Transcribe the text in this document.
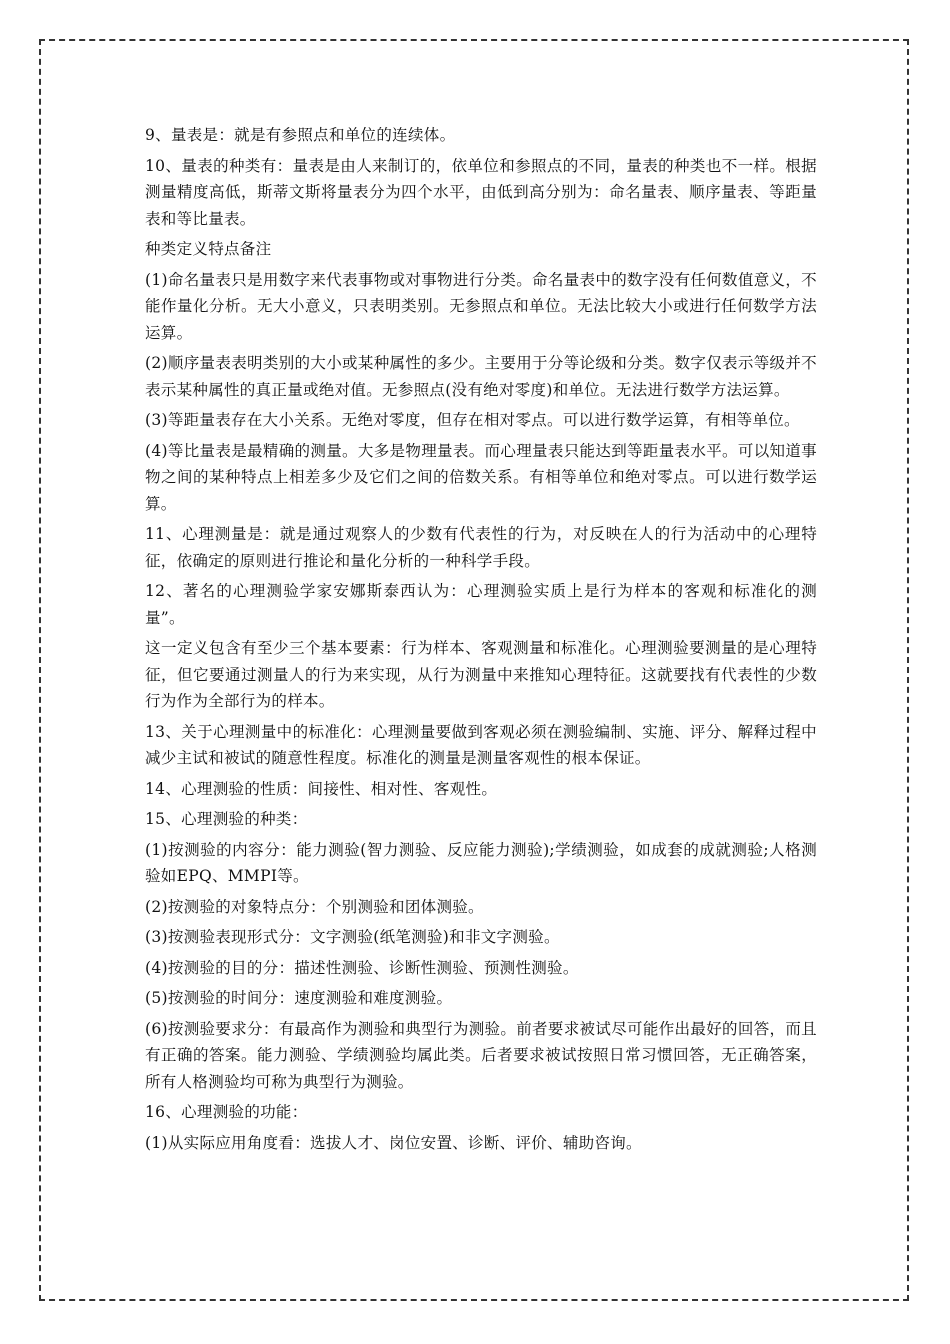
9、量表是：就是有参照点和单位的连续体。

10、量表的种类有：量表是由人来制订的，依单位和参照点的不同，量表的种类也不一样。根据测量精度高低，斯蒂文斯将量表分为四个水平，由低到高分别为：命名量表、顺序量表、等距量表和等比量表。

种类定义特点备注

(1)命名量表只是用数字来代表事物或对事物进行分类。命名量表中的数字没有任何数值意义，不能作量化分析。无大小意义，只表明类别。无参照点和单位。无法比较大小或进行任何数学方法运算。

(2)顺序量表表明类别的大小或某种属性的多少。主要用于分等论级和分类。数字仅表示等级并不表示某种属性的真正量或绝对值。无参照点(没有绝对零度)和单位。无法进行数学方法运算。

(3)等距量表存在大小关系。无绝对零度，但存在相对零点。可以进行数学运算，有相等单位。

(4)等比量表是最精确的测量。大多是物理量表。而心理量表只能达到等距量表水平。可以知道事物之间的某种特点上相差多少及它们之间的倍数关系。有相等单位和绝对零点。可以进行数学运算。

11、心理测量是：就是通过观察人的少数有代表性的行为，对反映在人的行为活动中的心理特征，依确定的原则进行推论和量化分析的一种科学手段。

12、著名的心理测验学家安娜斯泰西认为：心理测验实质上是行为样本的客观和标准化的测量”。

这一定义包含有至少三个基本要素：行为样本、客观测量和标准化。心理测验要测量的是心理特征，但它要通过测量人的行为来实现，从行为测量中来推知心理特征。这就要找有代表性的少数行为作为全部行为的样本。

13、关于心理测量中的标准化：心理测量要做到客观必须在测验编制、实施、评分、解释过程中减少主试和被试的随意性程度。标准化的测量是测量客观性的根本保证。

14、心理测验的性质：间接性、相对性、客观性。

15、心理测验的种类：

(1)按测验的内容分：能力测验(智力测验、反应能力测验);学绩测验，如成套的成就测验;人格测验如EPQ、MMPI等。

(2)按测验的对象特点分：个别测验和团体测验。

(3)按测验表现形式分：文字测验(纸笔测验)和非文字测验。

(4)按测验的目的分：描述性测验、诊断性测验、预测性测验。

(5)按测验的时间分：速度测验和难度测验。

(6)按测验要求分：有最高作为测验和典型行为测验。前者要求被试尽可能作出最好的回答，而且有正确的答案。能力测验、学绩测验均属此类。后者要求被试按照日常习惯回答，无正确答案，所有人格测验均可称为典型行为测验。

16、心理测验的功能：

(1)从实际应用角度看：选拔人才、岗位安置、诊断、评价、辅助咨询。
